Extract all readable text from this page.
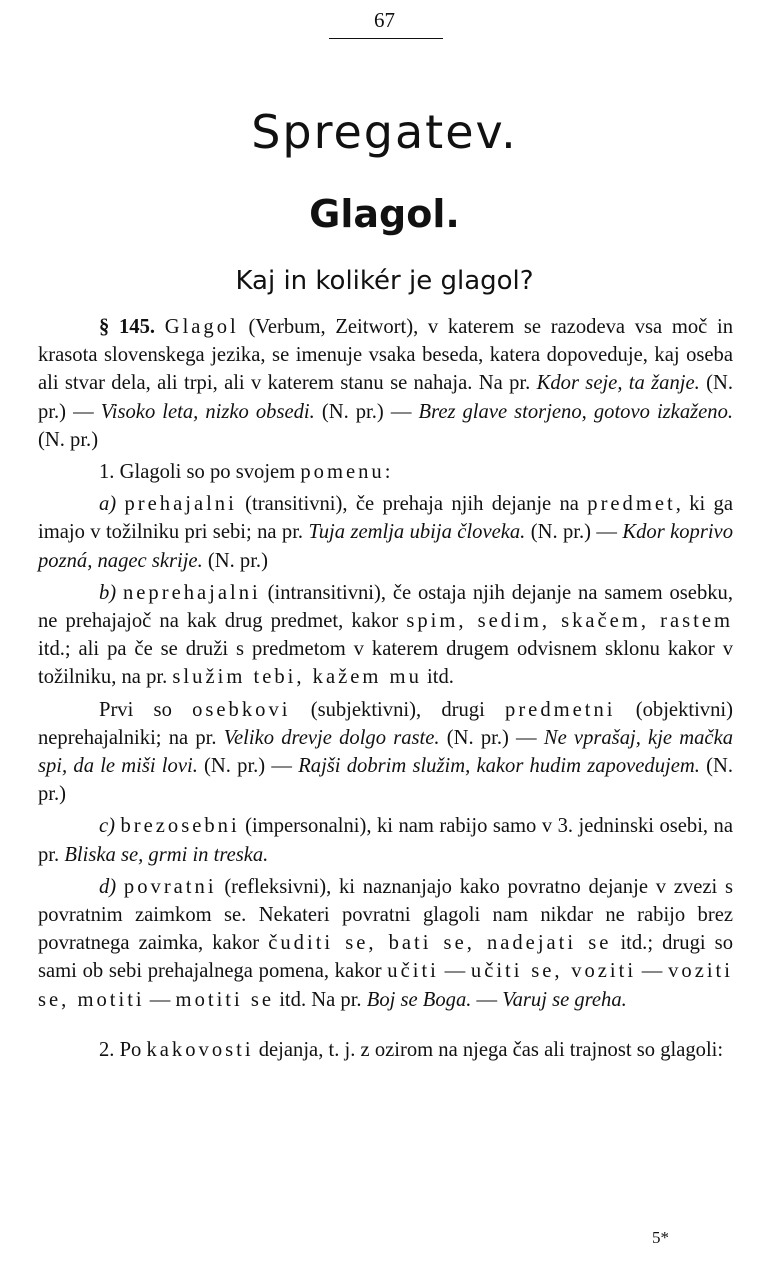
67
Spregatev.
Glagol.
Kaj in kolikér je glagol?

§ 145. Glagol (Verbum, Zeitwort), v katerem se razodeva vsa moč in krasota slovenskega jezika, se imenuje vsaka beseda, katera dopoveduje, kaj oseba ali stvar dela, ali trpi, ali v katerem stanu se nahaja. Na pr. Kdor seje, ta žanje. (N. pr.) — Visoko leta, nizko obsedi. (N. pr.) — Brez glave storjeno, gotovo izkaženo. (N. pr.)

1. Glagoli so po svojem pomenu:

a) prehajalni (transitivni), če prehaja njih dejanje na predmet, ki ga imajo v tožilniku pri sebi; na pr. Tuja zemlja ubija človeka. (N. pr.) — Kdor koprivo pozná, nagec skrije. (N. pr.)

b) neprehajalni (intransitivni), če ostaja njih dejanje na samem osebku, ne prehajajoč na kak drug predmet, kakor spim, sedim, skačem, rastem itd.; ali pa če se druži s predmetom v katerem drugem odvisnem sklonu kakor v tožilniku, na pr. služim tebi, kažem mu itd.

Prvi so osebkovi (subjektivni), drugi predmetni (objektivni) neprehajalniki; na pr. Veliko drevje dolgo raste. (N. pr.) — Ne vprašaj, kje mačka spi, da le miši lovi. (N. pr.) — Rajši dobrim služim, kakor hudim zapovedujem. (N. pr.)

c) brezosebni (impersonalni), ki nam rabijo samo v 3. jedninski osebi, na pr. Bliska se, grmi in treska.

d) povratni (refleksivni), ki naznanjajo kako povratno dejanje v zvezi s povratnim zaimkom se. Nekateri povratni glagoli nam nikdar ne rabijo brez povratnega zaimka, kakor čuditi se, bati se, nadejati se itd.; drugi so sami ob sebi prehajalnega pomena, kakor učiti — učiti se, voziti — voziti se, motiti — motiti se itd. Na pr. Boj se Boga. — Varuj se greha.

2. Po kakovosti dejanja, t. j. z ozirom na njega čas ali trajnost so glagoli:

5*
